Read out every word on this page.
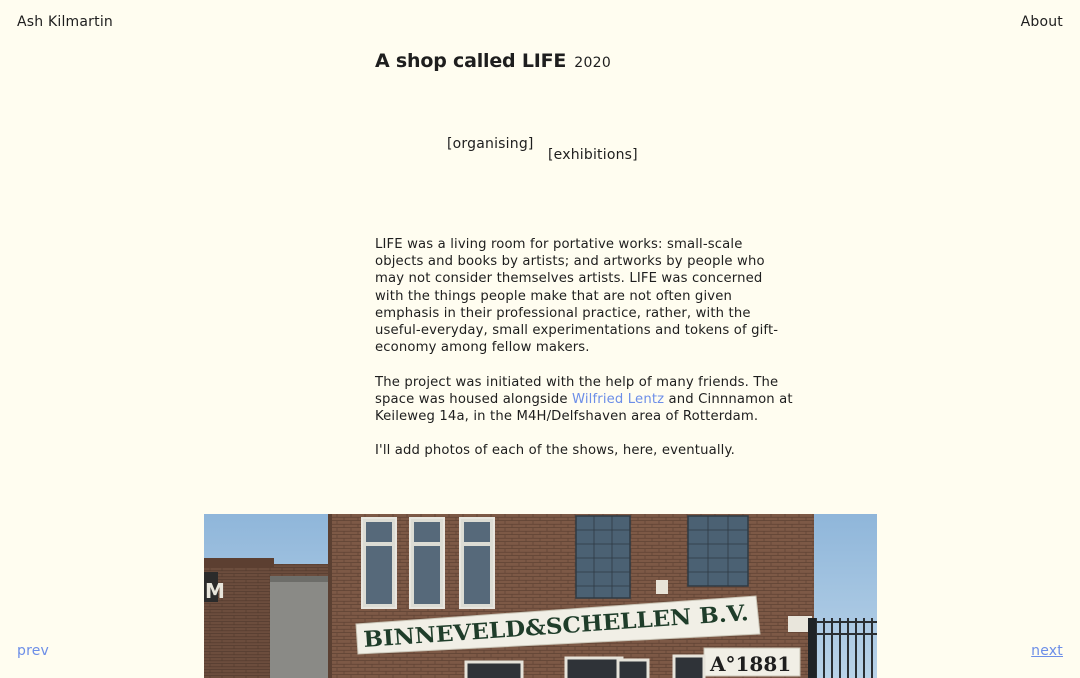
Ash Kilmartin	About
A shop called LIFE 2020
[organising]
[exhibitions]

LIFE was a living room for portative works: small-scale objects and books by artists; and artworks by people who may not consider themselves artists. LIFE was concerned with the things people make that are not often given emphasis in their professional practice, rather, with the useful-everyday, small experimentations and tokens of gift-economy among fellow makers.

The project was initiated with the help of many friends. The space was housed alongside Wilfried Lentz and Cinnnamon at Keileweg 14a, in the M4H/Delfshaven area of Rotterdam.

I'll add photos of each of the shows, here, eventually.

M
BINNEVELD&SCHELLEN B.V.
A°1881
prev	next
